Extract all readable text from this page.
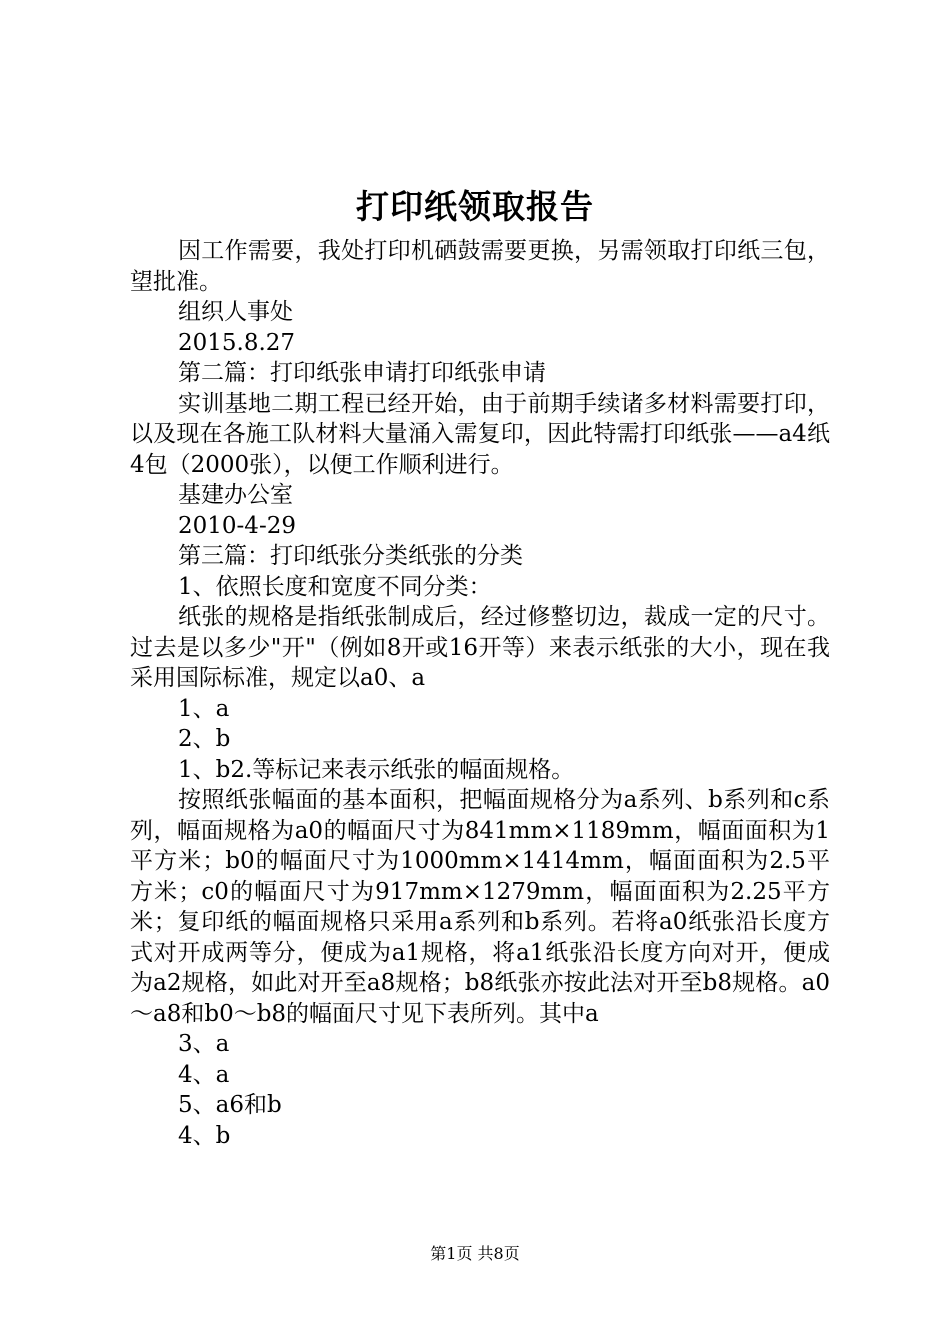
打印纸领取报告

因工作需要，我处打印机硒鼓需要更换，另需领取打印纸三包，望批准。

组织人事处

2015.8.27

第二篇：打印纸张申请打印纸张申请

实训基地二期工程已经开始，由于前期手续诸多材料需要打印，以及现在各施工队材料大量涌入需复印，因此特需打印纸张——a4纸4包（2000张），以便工作顺利进行。

基建办公室

2010-4-29

第三篇：打印纸张分类纸张的分类

1、依照长度和宽度不同分类：

纸张的规格是指纸张制成后，经过修整切边，裁成一定的尺寸。过去是以多少"开"（例如8开或16开等）来表示纸张的大小，现在我采用国际标准，规定以a0、a

1、a

2、b

1、b2.等标记来表示纸张的幅面规格。

按照纸张幅面的基本面积，把幅面规格分为a系列、b系列和c系列，幅面规格为a0的幅面尺寸为841mm×1189mm，幅面面积为1平方米；b0的幅面尺寸为1000mm×1414mm，幅面面积为2.5平方米；c0的幅面尺寸为917mm×1279mm，幅面面积为2.25平方米；复印纸的幅面规格只采用a系列和b系列。若将a0纸张沿长度方式对开成两等分，便成为a1规格，将a1纸张沿长度方向对开，便成为a2规格，如此对开至a8规格；b8纸张亦按此法对开至b8规格。a0～a8和b0～b8的幅面尺寸见下表所列。其中a

3、a

4、a

5、a6和b

4、b

第1页 共8页
